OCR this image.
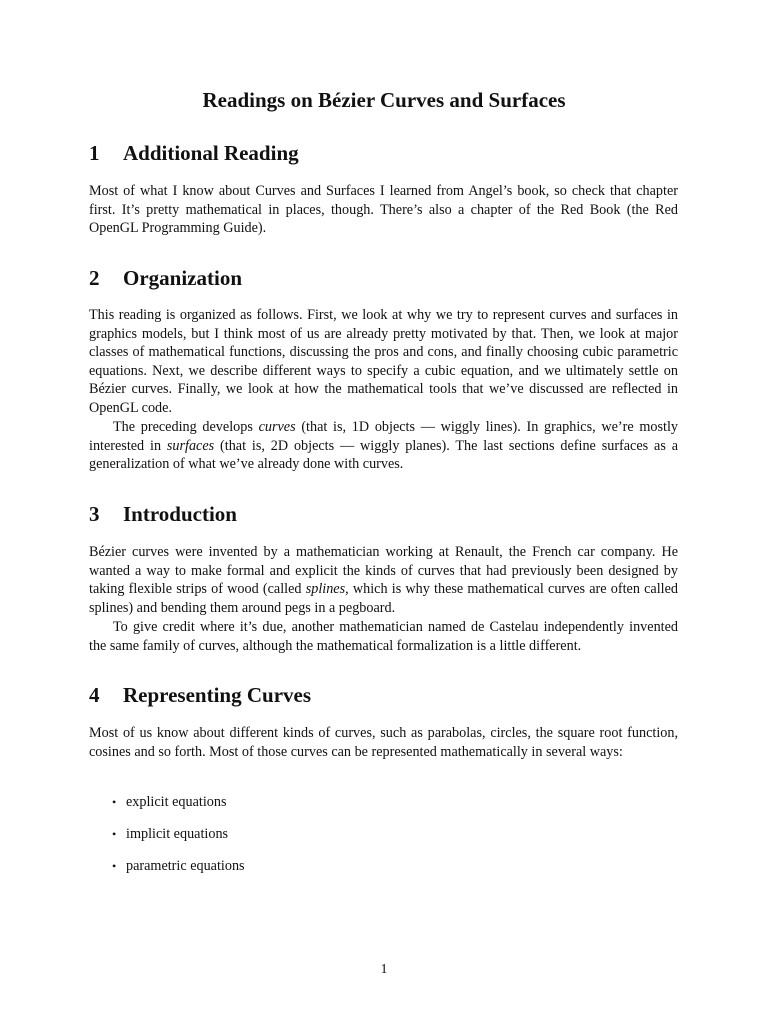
Readings on Bézier Curves and Surfaces
1 Additional Reading

Most of what I know about Curves and Surfaces I learned from Angel’s book, so check that chapter first. It’s pretty mathematical in places, though. There’s also a chapter of the Red Book (the Red OpenGL Programming Guide).

2 Organization

This reading is organized as follows. First, we look at why we try to represent curves and surfaces in graphics models, but I think most of us are already pretty motivated by that. Then, we look at major classes of mathematical functions, discussing the pros and cons, and finally choosing cubic parametric equations. Next, we describe different ways to specify a cubic equation, and we ultimately settle on Bézier curves. Finally, we look at how the mathematical tools that we’ve discussed are reflected in OpenGL code.

The preceding develops curves (that is, 1D objects — wiggly lines). In graphics, we’re mostly interested in surfaces (that is, 2D objects — wiggly planes). The last sections define surfaces as a generalization of what we’ve already done with curves.

3 Introduction

Bézier curves were invented by a mathematician working at Renault, the French car company. He wanted a way to make formal and explicit the kinds of curves that had previously been designed by taking flexible strips of wood (called splines, which is why these mathematical curves are often called splines) and bending them around pegs in a pegboard.

To give credit where it’s due, another mathematician named de Castelau independently invented the same family of curves, although the mathematical formalization is a little different.

4 Representing Curves

Most of us know about different kinds of curves, such as parabolas, circles, the square root function, cosines and so forth. Most of those curves can be represented mathematically in several ways:

• explicit equations
• implicit equations
• parametric equations

1
